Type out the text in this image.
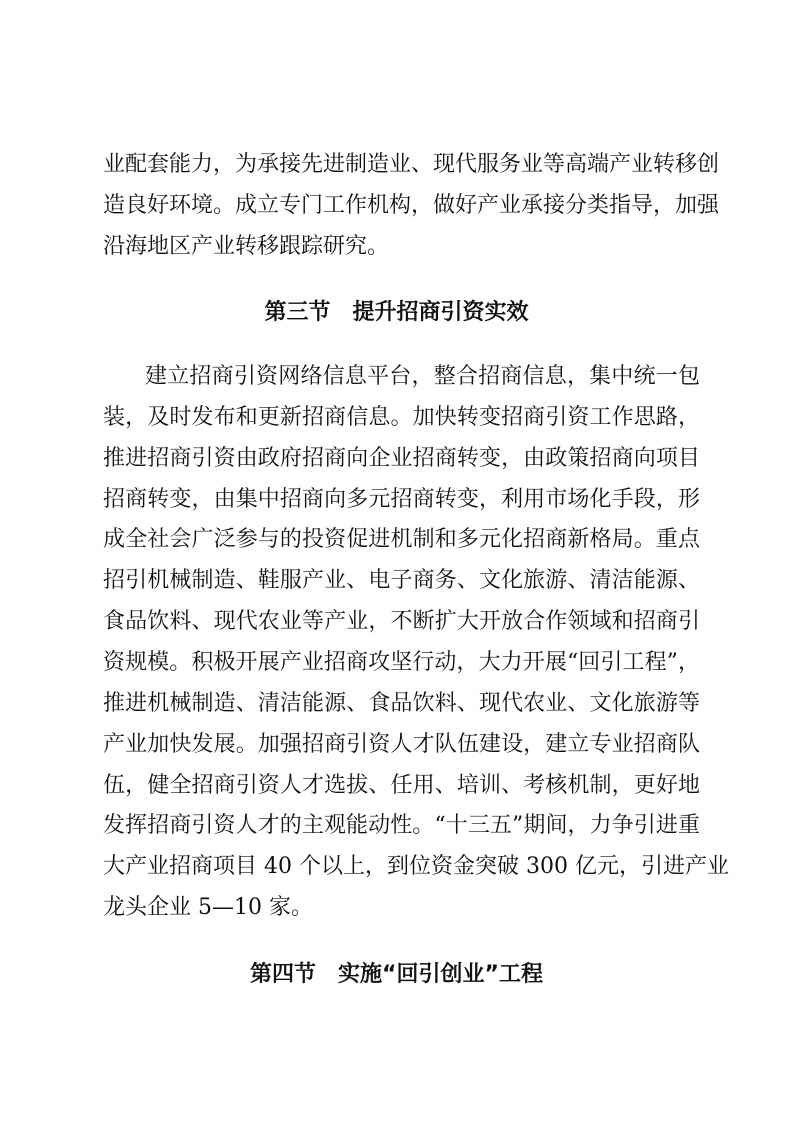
业配套能力，为承接先进制造业、现代服务业等高端产业转移创
造良好环境。成立专门工作机构，做好产业承接分类指导，加强
沿海地区产业转移跟踪研究。
第三节　提升招商引资实效
建立招商引资网络信息平台，整合招商信息，集中统一包
装，及时发布和更新招商信息。加快转变招商引资工作思路，
推进招商引资由政府招商向企业招商转变，由政策招商向项目
招商转变，由集中招商向多元招商转变，利用市场化手段，形
成全社会广泛参与的投资促进机制和多元化招商新格局。重点
招引机械制造、鞋服产业、电子商务、文化旅游、清洁能源、
食品饮料、现代农业等产业，不断扩大开放合作领域和招商引
资规模。积极开展产业招商攻坚行动，大力开展“回引工程”，
推进机械制造、清洁能源、食品饮料、现代农业、文化旅游等
产业加快发展。加强招商引资人才队伍建设，建立专业招商队
伍，健全招商引资人才选拔、任用、培训、考核机制，更好地
发挥招商引资人才的主观能动性。“十三五”期间，力争引进重
大产业招商项目 40 个以上，到位资金突破 300 亿元，引进产业
龙头企业 5—10 家。
第四节　实施“回引创业”工程
